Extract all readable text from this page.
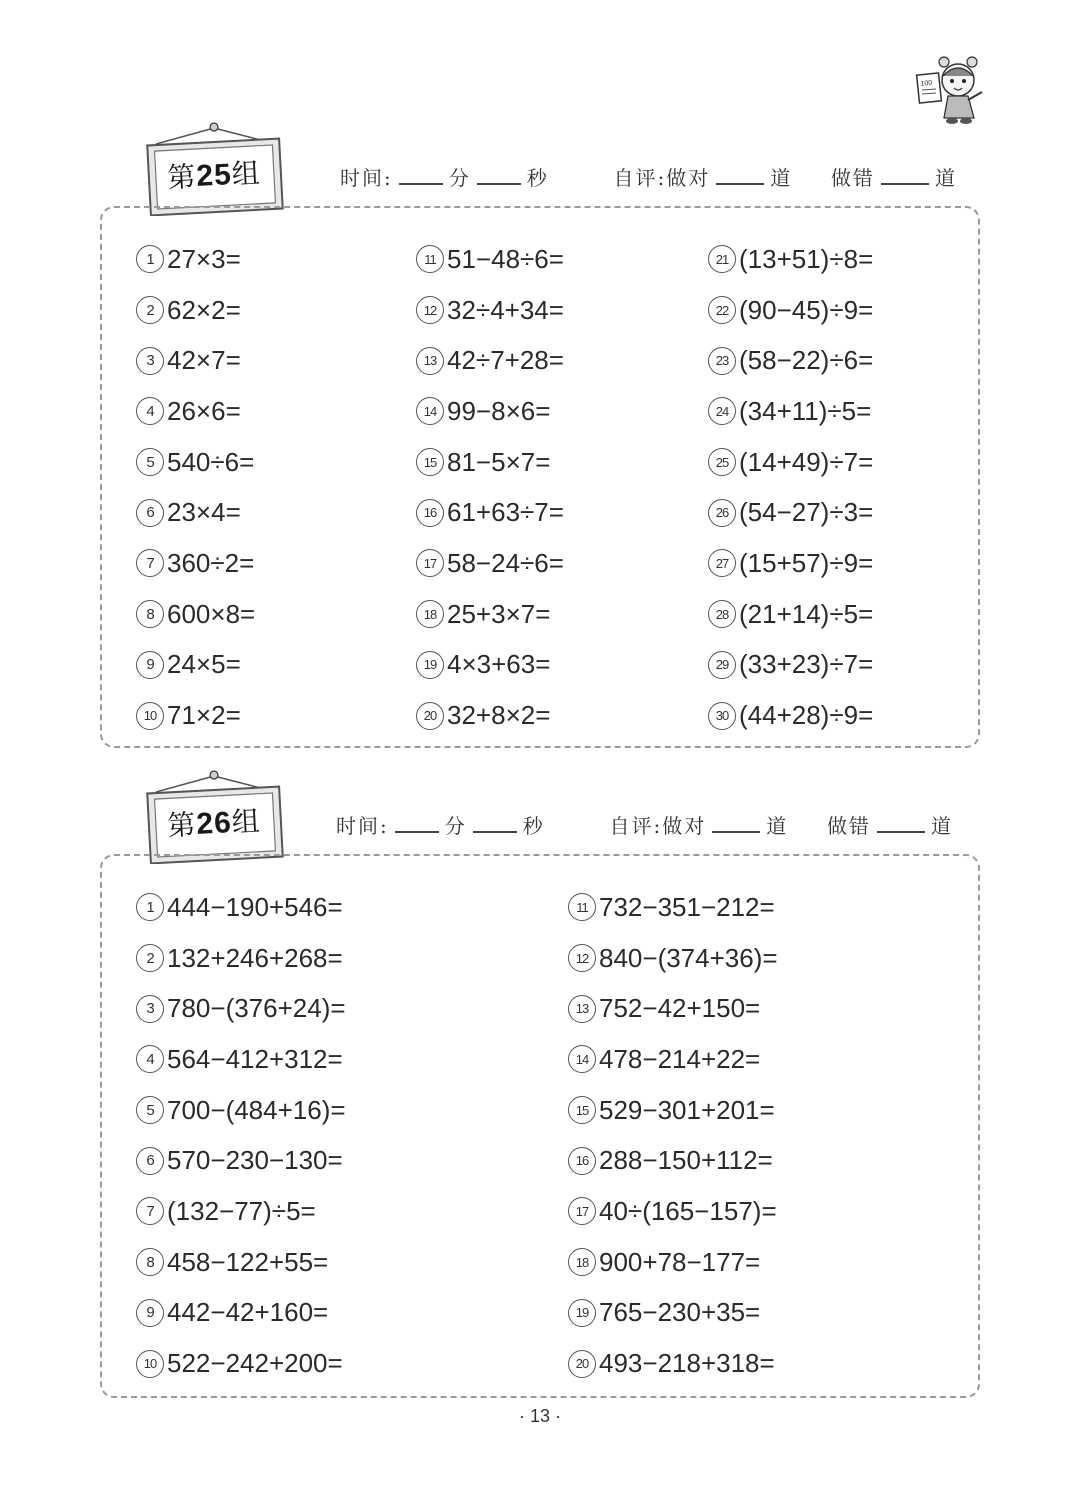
100
第25组	时间:	分	秒	自评:做对	道 做错	道
1 27×3=
2 62×2=
3 42×7=
4 26×6=
5 540÷6=
6 23×4=
7 360÷2=
8 600×8=
9 24×5=
10 71×2=
11 51−48÷6=
12 32÷4+34=
13 42÷7+28=
14 99−8×6=
15 81−5×7=
16 61+63÷7=
17 58−24÷6=
18 25+3×7=
19 4×3+63=
20 32+8×2=
21 (13+51)÷8=
22 (90−45)÷9=
23 (58−22)÷6=
24 (34+11)÷5=
25 (14+49)÷7=
26 (54−27)÷3=
27 (15+57)÷9=
28 (21+14)÷5=
29 (33+23)÷7=
30 (44+28)÷9=
第26组	时间:	分	秒	自评:做对	道 做错	道
1 444−190+546=
2 132+246+268=
3 780−(376+24)=
4 564−412+312=
5 700−(484+16)=
6 570−230−130=
7 (132−77)÷5=
8 458−122+55=
9 442−42+160=
10 522−242+200=
11 732−351−212=
12 840−(374+36)=
13 752−42+150=
14 478−214+22=
15 529−301+201=
16 288−150+112=
17 40÷(165−157)=
18 900+78−177=
19 765−230+35=
20 493−218+318=
· 13 ·
